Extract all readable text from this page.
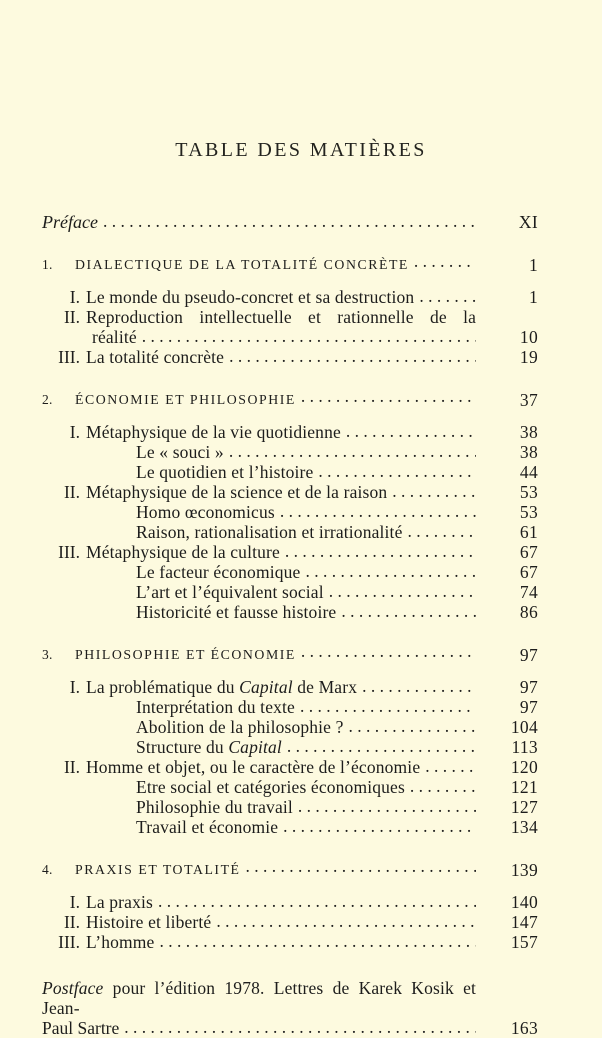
TABLE DES MATIÈRES
Préface . . .	XI
1.	DIALECTIQUE DE LA TOTALITÉ CONCRÈTE . . .	1
I. Le monde du pseudo-concret et sa destruction . . .	1
II. Reproduction intellectuelle et rationnelle de la
réalité . . .	10
III. La totalité concrète . . .	19
2.	ÉCONOMIE ET PHILOSOPHIE . . .	37
I. Métaphysique de la vie quotidienne . . .	38
Le « souci » . . .	38
Le quotidien et l’histoire . . .	44
II. Métaphysique de la science et de la raison . . .	53
Homo œconomicus . . .	53
Raison, rationalisation et irrationalité . . .	61
III. Métaphysique de la culture . . .	67
Le facteur économique . . .	67
L’art et l’équivalent social . . .	74
Historicité et fausse histoire . . .	86
3.	PHILOSOPHIE ET ÉCONOMIE . . .	97
I. La problématique du Capital de Marx . . .	97
Interprétation du texte . . .	97
Abolition de la philosophie ? . . .	104
Structure du Capital . . .	113
II. Homme et objet, ou le caractère de l’économie . . .	120
Etre social et catégories économiques . . .	121
Philosophie du travail . . .	127
Travail et économie . . .	134
4.	PRAXIS ET TOTALITÉ . . .	139
I. La praxis . . .	140
II. Histoire et liberté . . .	147
III. L’homme . . .	157
Postface pour l’édition 1978. Lettres de Karek Kosik et Jean-
Paul Sartre . . .	163
